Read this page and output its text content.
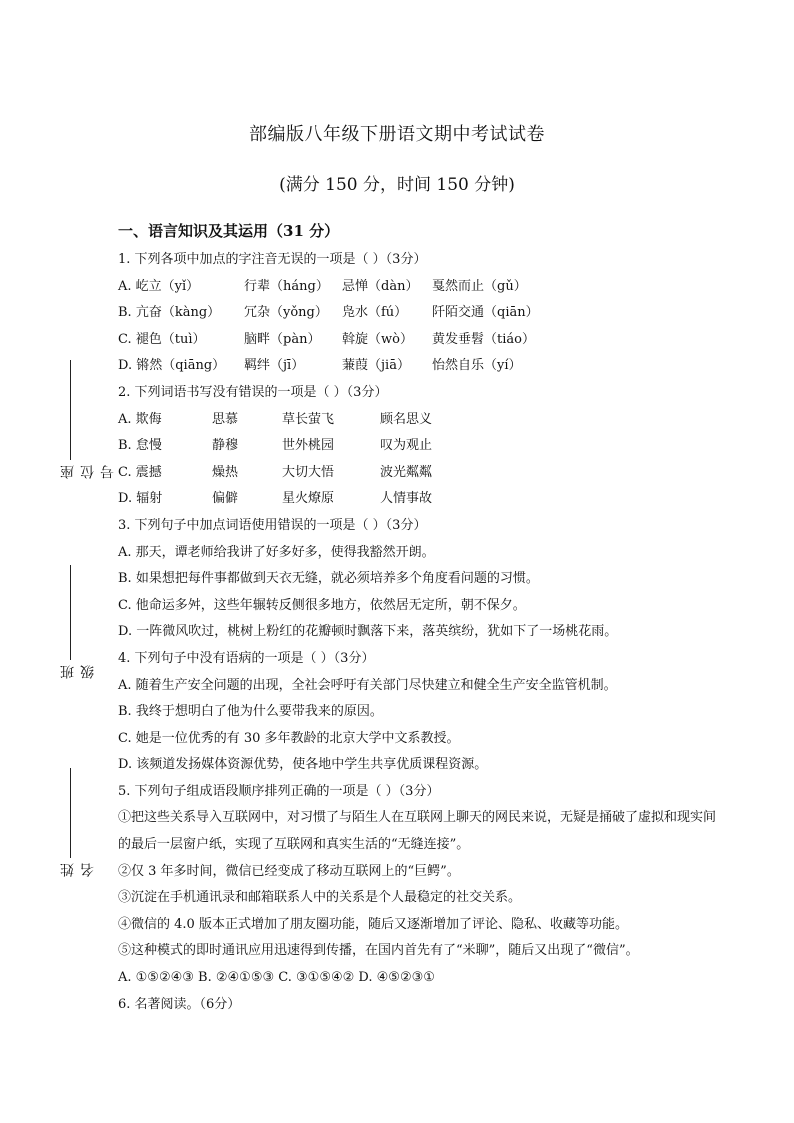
座位号
班级
姓名
部编版八年级下册语文期中考试试卷
(满分 150 分，时间 150 分钟)
一、语言知识及其运用（31 分）
1. 下列各项中加点的字注音无误的一项是（ ）（3分）
A. 屹立（yǐ）	行辈（háng）	忌惮（dàn）	戛然而止（gǔ）
B. 亢奋（kàng）	冗杂（yǒng）	凫水（fú）	阡陌交通（qiān）
C. 褪色（tuì）	脑畔（pàn）	斡旋（wò）	黄发垂髫（tiáo）
D. 锵然（qiāng）	羁绊（jī）	蒹葭（jiā）	怡然自乐（yí）
2. 下列词语书写没有错误的一项是（ ）（3分）
A. 欺侮	思慕	草长萤飞	顾名思义
B. 怠慢	静穆	世外桃园	叹为观止
C. 震撼	燥热	大切大悟	波光粼粼
D. 辐射	偏僻	星火燎原	人情事故
3. 下列句子中加点词语使用错误的一项是（ ）（3分）
A. 那天，谭老师给我讲了好多好多，使得我豁然开朗。
B. 如果想把每件事都做到天衣无缝，就必须培养多个角度看问题的习惯。
C. 他命运多舛，这些年辗转反侧很多地方，依然居无定所，朝不保夕。
D. 一阵微风吹过，桃树上粉红的花瓣顿时飘落下来，落英缤纷，犹如下了一场桃花雨。
4. 下列句子中没有语病的一项是（ ）（3分）
A. 随着生产安全问题的出现，全社会呼吁有关部门尽快建立和健全生产安全监管机制。
B. 我终于想明白了他为什么要带我来的原因。
C. 她是一位优秀的有 30 多年教龄的北京大学中文系教授。
D. 该频道发扬媒体资源优势，使各地中学生共享优质课程资源。
5. 下列句子组成语段顺序排列正确的一项是（ ）（3分）
①把这些关系导入互联网中，对习惯了与陌生人在互联网上聊天的网民来说，无疑是捅破了虚拟和现实间的最后一层窗户纸，实现了互联网和真实生活的“无缝连接”。
②仅 3 年多时间，微信已经变成了移动互联网上的“巨鳄”。
③沉淀在手机通讯录和邮箱联系人中的关系是个人最稳定的社交关系。
④微信的 4.0 版本正式增加了朋友圈功能，随后又逐渐增加了评论、隐私、收藏等功能。
⑤这种模式的即时通讯应用迅速得到传播，在国内首先有了“米聊”，随后又出现了“微信”。
A. ①⑤②④③ B. ②④①⑤③ C. ③①⑤④② D. ④⑤②③①
6. 名著阅读。（6分）
